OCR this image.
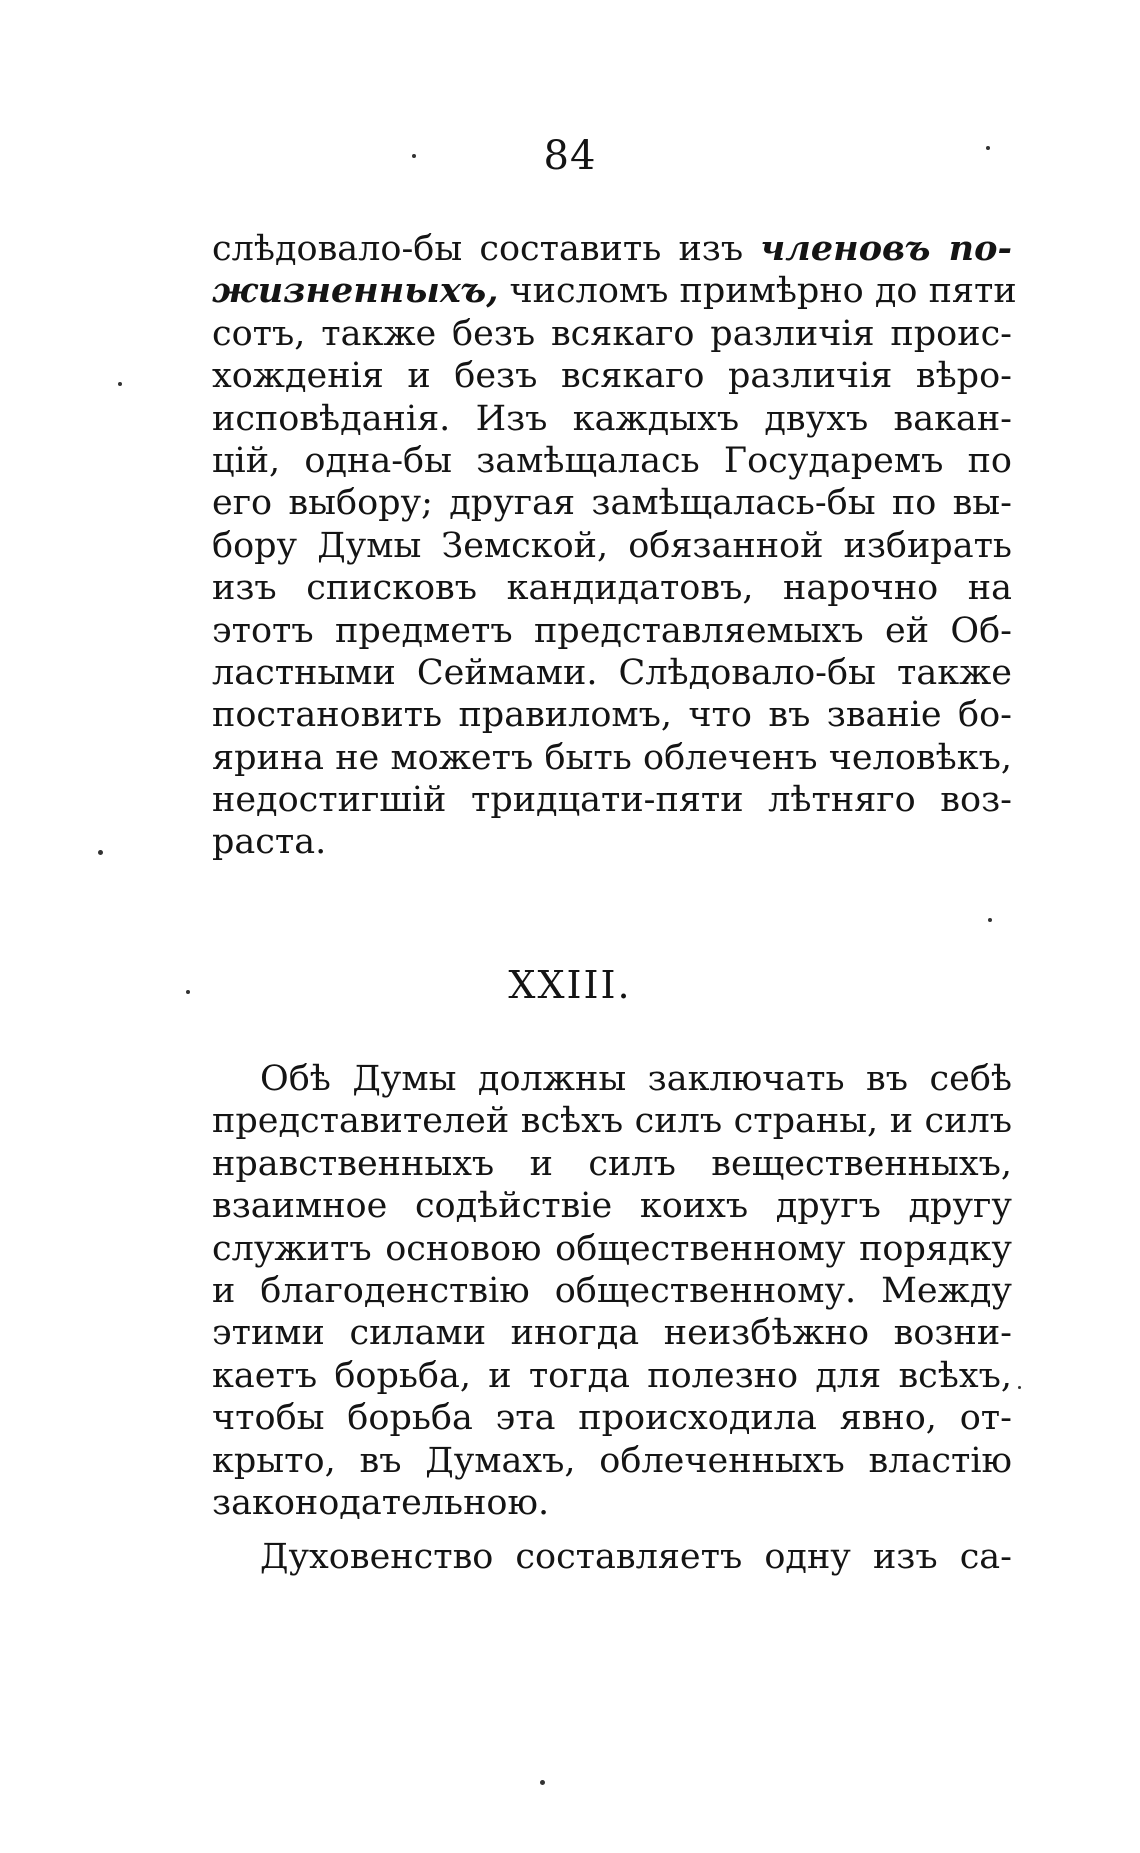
84
слѣдовало-бы составить изъ членовъ по-
жизненныхъ, числомъ примѣрно до пяти
сотъ, также безъ всякаго различія проис-
хожденія и безъ всякаго различія вѣро-
исповѣданія. Изъ каждыхъ двухъ вакан-
цій, одна-бы замѣщалась Государемъ по
его выбору; другая замѣщалась-бы по вы-
бору Думы Земской, обязанной избирать
изъ списковъ кандидатовъ, нарочно на
этотъ предметъ представляемыхъ ей Об-
ластными Сеймами. Слѣдовало-бы также
постановить правиломъ, что въ званіе бо-
ярина не можетъ быть облеченъ человѣкъ,
недостигшій тридцати-пяти лѣтняго воз-
раста.
XXIII.
Обѣ Думы должны заключать въ себѣ
представителей всѣхъ силъ страны, и силъ
нравственныхъ и силъ вещественныхъ,
взаимное содѣйствіе коихъ другъ другу
служитъ основою общественному порядку
и благоденствію общественному. Между
этими силами иногда неизбѣжно возни-
каетъ борьба, и тогда полезно для всѣхъ,
чтобы борьба эта происходила явно, от-
крыто, въ Думахъ, облеченныхъ властію
законодательною.
Духовенство составляетъ одну изъ са-
